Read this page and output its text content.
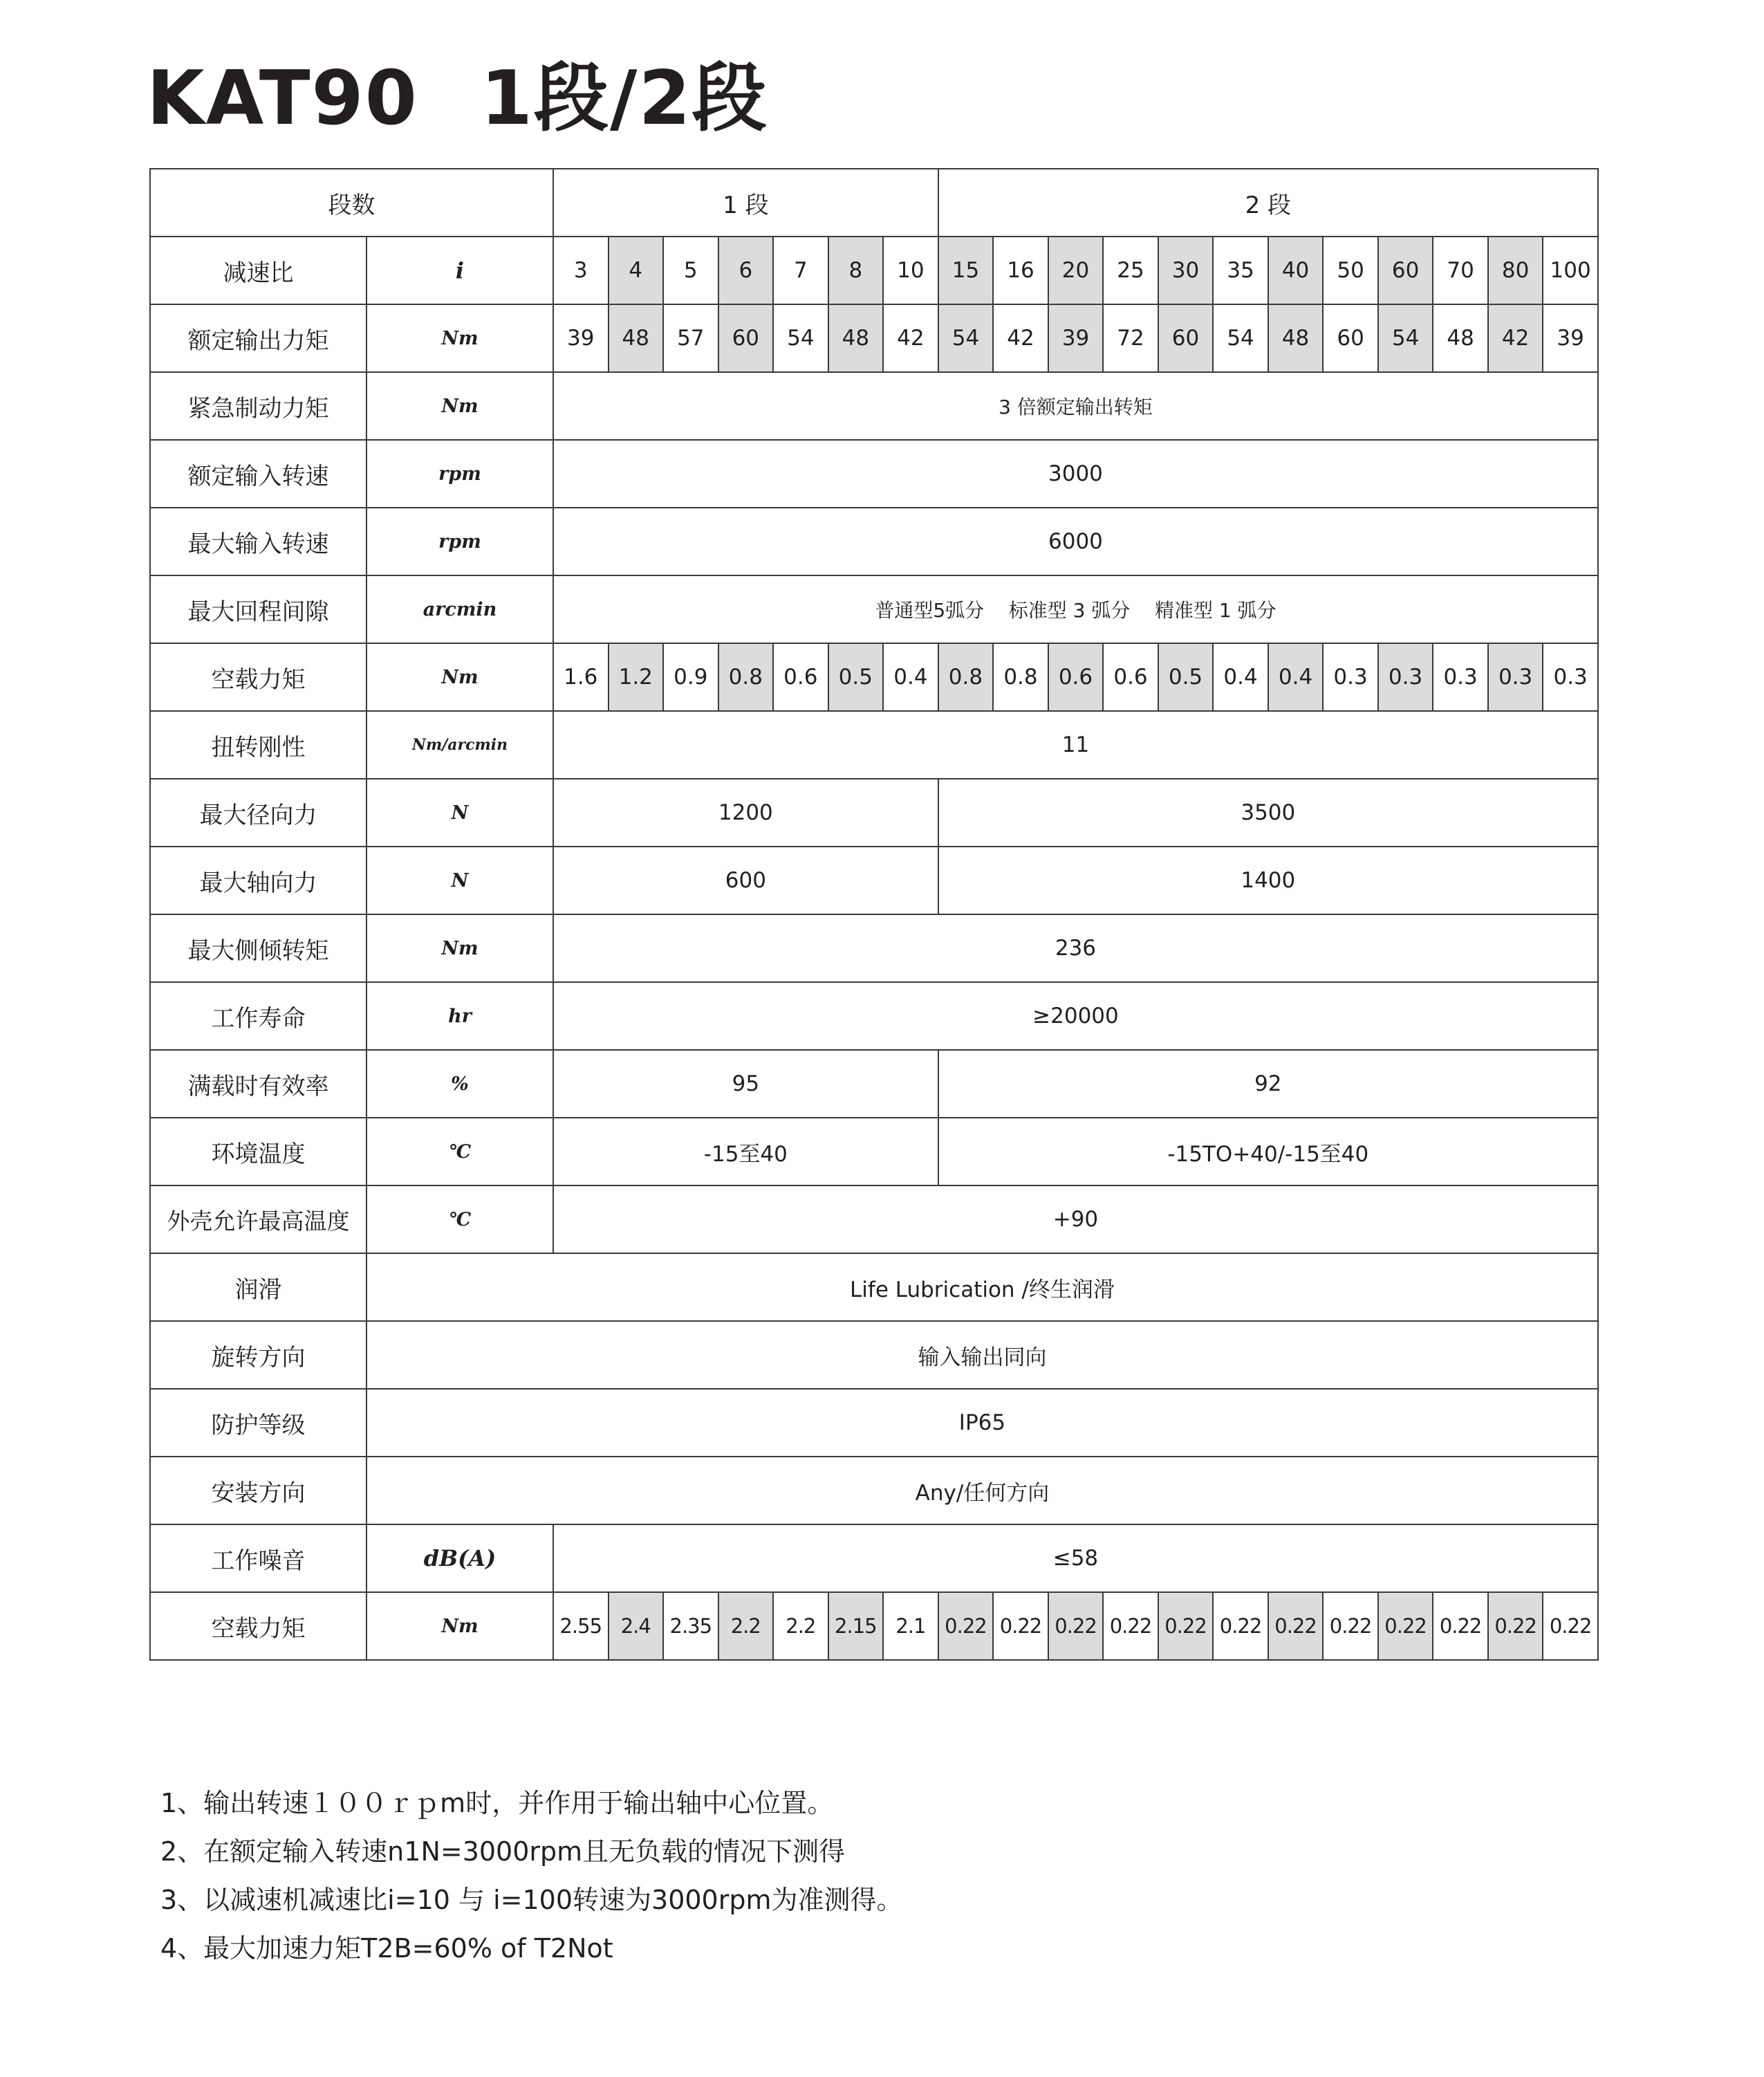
KAT90 1段/2段
段数		1 段							2 段											
减速比	i	3	4	5	6	7	8	10	15	16	20	25	30	35	40	50	60	70	80	100
额定输出力矩	Nm	39	48	57	60	54	48	42	54	42	39	72	60	54	48	60	54	48	42	39
紧急制动力矩	Nm	3 倍额定输出转矩																		
额定输入转速	rpm	3000																		
最大输入转速	rpm	6000																		
最大回程间隙	arcmin	普通型5弧分    标准型 3 弧分    精准型 1 弧分																		
空载力矩	Nm	1.6	1.2	0.9	0.8	0.6	0.5	0.4	0.8	0.8	0.6	0.6	0.5	0.4	0.4	0.3	0.3	0.3	0.3	0.3
扭转刚性	Nm/arcmin	11																		
最大径向力	N	1200							3500											
最大轴向力	N	600							1400											
最大侧倾转矩	Nm	236																		
工作寿命	hr	≥20000																		
满载时有效率	%	95							92											
环境温度	℃	-15至40							-15TO+40/-15至40											
外壳允许最高温度	℃	+90																		
润滑	Life Lubrication /终生润滑																			
旋转方向	输入输出同向																			
防护等级	IP65																			
安装方向	Any/任何方向																			
工作噪音	dB(A)	≤58																		
空载力矩	Nm	2.55	2.4	2.35	2.2	2.2	2.15	2.1	0.22	0.22	0.22	0.22	0.22	0.22	0.22	0.22	0.22	0.22	0.22	0.22
1、输出转速１００ｒｐm时，并作用于输出轴中心位置。
2、在额定输入转速n1N=3000rpm且无负载的情况下测得
3、以减速机减速比i=10 与 i=100转速为3000rpm为准测得。
4、最大加速力矩T2B=60% of T2Not
